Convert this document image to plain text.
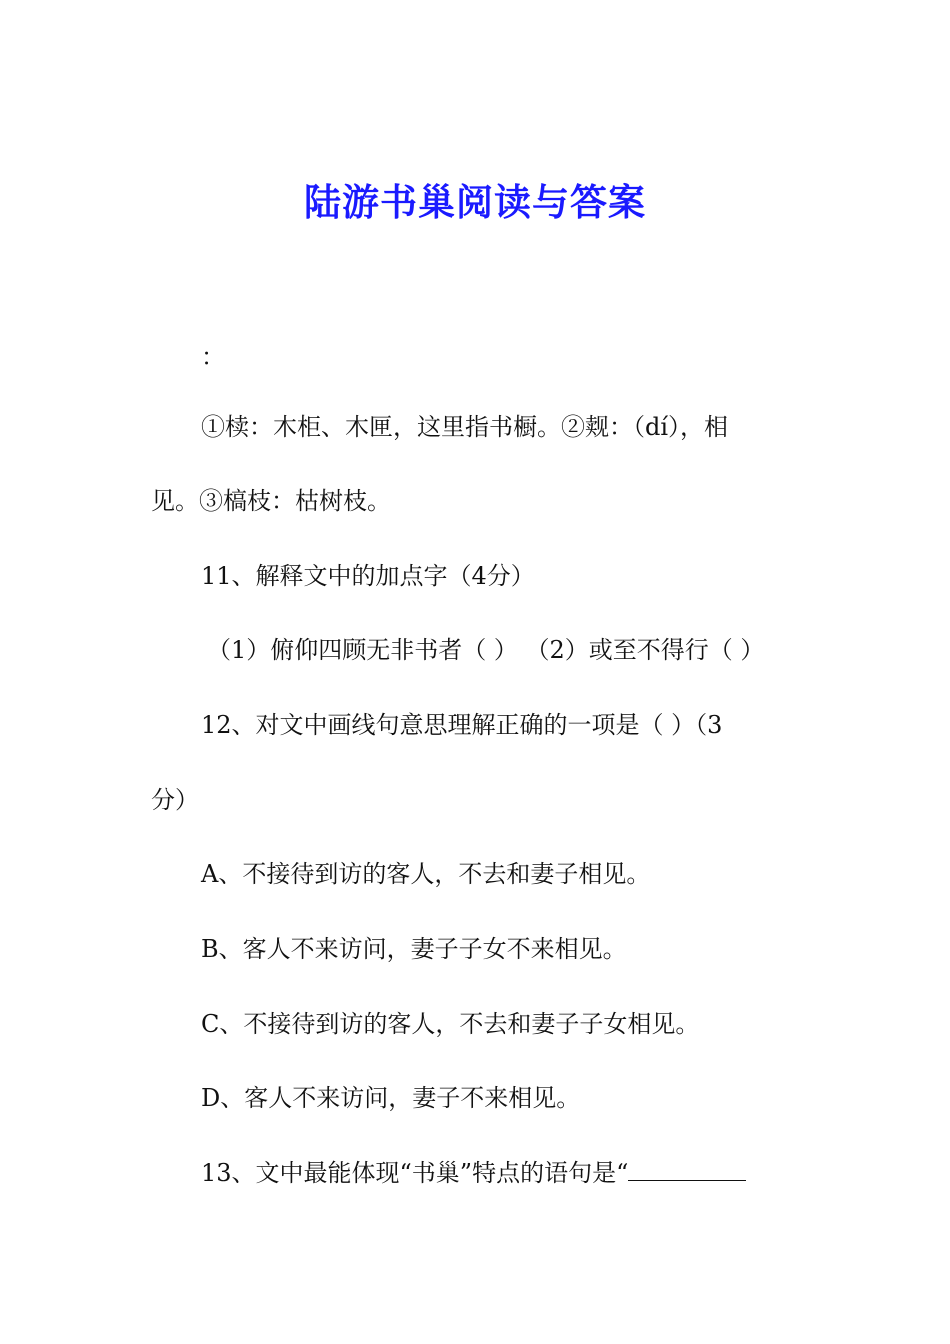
陆游书巢阅读与答案
：
①椟：木柜、木匣，这里指书橱。②觌：（dí），相
见。③槁枝：枯树枝。
11、解释文中的加点字（4分）
（1）俯仰四顾无非书者（ ） （2）或至不得行（ ）
12、对文中画线句意思理解正确的一项是（ ）（3
分）
A、不接待到访的客人，不去和妻子相见。
B、客人不来访问，妻子子女不来相见。
C、不接待到访的客人，不去和妻子子女相见。
D、客人不来访问，妻子不来相见。
13、文中最能体现“书巢”特点的语句是“
